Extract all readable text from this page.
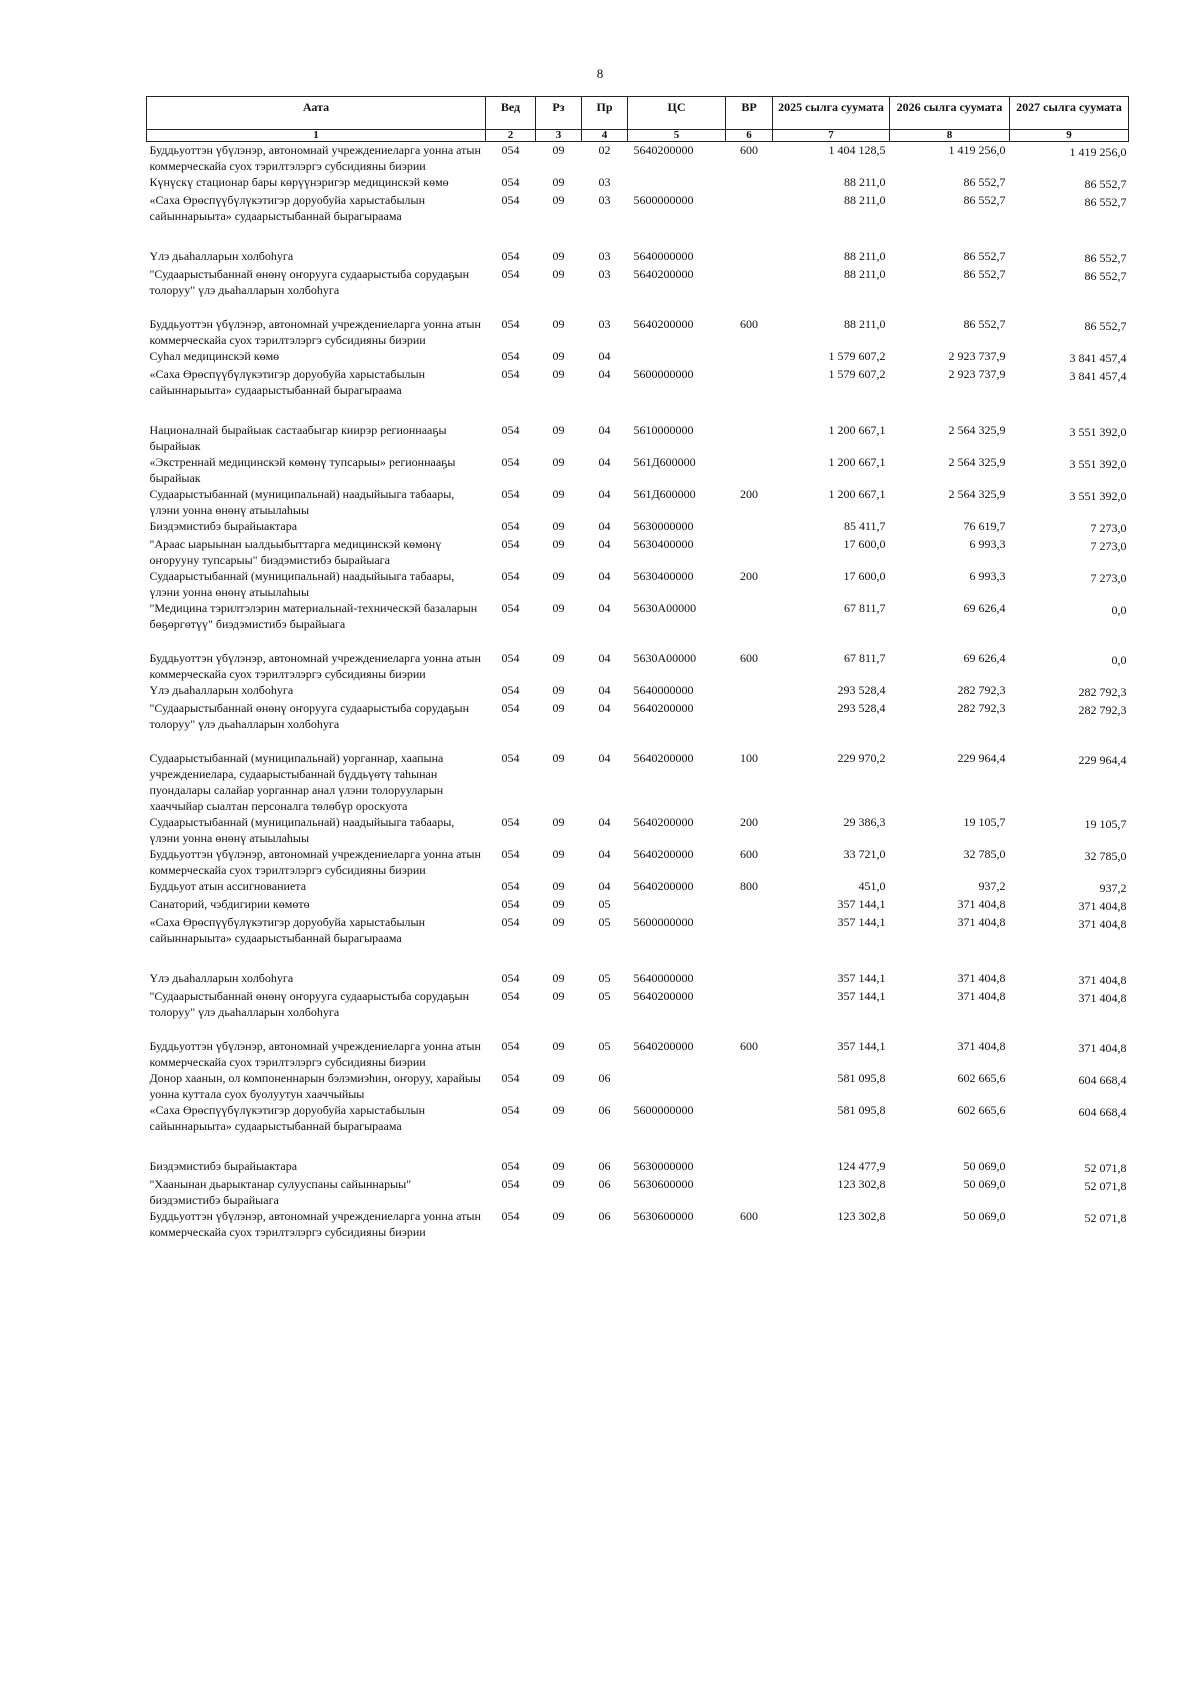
8
Аата	Вед	Рз	Пр	ЦС	ВР	2025 сылга суумата	2026 сылга суумата	2027 сылга суумата
1	2	3	4	5	6	7	8	9
Буддьуоттэн үбүлэнэр, автономнай учреждениеларга уонна атын коммерческайа суох тэрилтэлэргэ субсидияны биэрии	054	09	02	5640200000	600	1 404 128,5	1 419 256,0	1 419 256,0
Күнүскү стационар бары көрүүнэригэр медицинскэй көмө	054	09	03			88 211,0	86 552,7	86 552,7
«Саха Өрөспүүбүлүкэтигэр доруобуйа харыстабылын сайыннарыыта» судаарыстыбаннай бырагыраама	054	09	03	5600000000		88 211,0	86 552,7	86 552,7
Үлэ дьаһалларын холбоһуга	054	09	03	5640000000		88 211,0	86 552,7	86 552,7
"Судаарыстыбаннай өнөнү оҥорууга судаарыстыба сорудаҕын толоруу" үлэ дьаһалларын холбоһуга	054	09	03	5640200000		88 211,0	86 552,7	86 552,7
Буддьуоттэн үбүлэнэр, автономнай учреждениеларга уонна атын коммерческайа суох тэрилтэлэргэ субсидияны биэрии	054	09	03	5640200000	600	88 211,0	86 552,7	86 552,7
Суһал медицинскэй көмө	054	09	04			1 579 607,2	2 923 737,9	3 841 457,4
«Саха Өрөспүүбүлүкэтигэр доруобуйа харыстабылын сайыннарыыта» судаарыстыбаннай бырагыраама	054	09	04	5600000000		1 579 607,2	2 923 737,9	3 841 457,4
Националнай бырайыак састаабыгар киирэр регионнааҕы бырайыак	054	09	04	5610000000		1 200 667,1	2 564 325,9	3 551 392,0
«Экстреннай медицинскэй көмөнү тупсарыы» регионнааҕы бырайыак	054	09	04	561Д600000		1 200 667,1	2 564 325,9	3 551 392,0
Судаарыстыбаннай (муниципальнай) наадыйыыга табаары, үлэни уонна өнөнү атыылаһыы	054	09	04	561Д600000	200	1 200 667,1	2 564 325,9	3 551 392,0
Биэдэмистибэ бырайыактара	054	09	04	5630000000		85 411,7	76 619,7	7 273,0
"Араас ыарыынан ыалдьыбыттарга медицинскэй көмөнү оҥорууну тупсарыы" биэдэмистибэ бырайыага	054	09	04	5630400000		17 600,0	6 993,3	7 273,0
Судаарыстыбаннай (муниципальнай) наадыйыыга табаары, үлэни уонна өнөнү атыылаһыы	054	09	04	5630400000	200	17 600,0	6 993,3	7 273,0
"Медицина тэрилтэлэрин материальнай-техническэй базаларын бөҕөргөтүү" биэдэмистибэ бырайыага	054	09	04	5630А00000		67 811,7	69 626,4	0,0
Буддьуоттэн үбүлэнэр, автономнай учреждениеларга уонна атын коммерческайа суох тэрилтэлэргэ субсидияны биэрии	054	09	04	5630А00000	600	67 811,7	69 626,4	0,0
Үлэ дьаһалларын холбоһуга	054	09	04	5640000000		293 528,4	282 792,3	282 792,3
"Судаарыстыбаннай өнөнү оҥорууга судаарыстыба сорудаҕын толоруу" үлэ дьаһалларын холбоһуга	054	09	04	5640200000		293 528,4	282 792,3	282 792,3
Судаарыстыбаннай (муниципальнай) уорганнар, хаапына учреждениелара, судаарыстыбаннай бүддьүөтү таһынан пуондалары салайар уорганнар анал үлэни толорууларын хааччыйар сыалтан персоналга төлөбүр ороскуота	054	09	04	5640200000	100	229 970,2	229 964,4	229 964,4
Судаарыстыбаннай (муниципальнай) наадыйыыга табаары, үлэни уонна өнөнү атыылаһыы	054	09	04	5640200000	200	29 386,3	19 105,7	19 105,7
Буддьуоттэн үбүлэнэр, автономнай учреждениеларга уонна атын коммерческайа суох тэрилтэлэргэ субсидияны биэрии	054	09	04	5640200000	600	33 721,0	32 785,0	32 785,0
Буддьуот атын ассигнованиета	054	09	04	5640200000	800	451,0	937,2	937,2
Санаторий, чэбдигирии көмөтө	054	09	05			357 144,1	371 404,8	371 404,8
«Саха Өрөспүүбүлүкэтигэр доруобуйа харыстабылын сайыннарыыта» судаарыстыбаннай бырагыраама	054	09	05	5600000000		357 144,1	371 404,8	371 404,8
Үлэ дьаһалларын холбоһуга	054	09	05	5640000000		357 144,1	371 404,8	371 404,8
"Судаарыстыбаннай өнөнү оҥорууга судаарыстыба сорудаҕын толоруу" үлэ дьаһалларын холбоһуга	054	09	05	5640200000		357 144,1	371 404,8	371 404,8
Буддьуоттэн үбүлэнэр, автономнай учреждениеларга уонна атын коммерческайа суох тэрилтэлэргэ субсидияны биэрии	054	09	05	5640200000	600	357 144,1	371 404,8	371 404,8
Донор хаанын, ол компоненнарын бэлэмиэһин, оҥоруу, харайыы уонна куттала суох буолуутун хааччыйыы	054	09	06			581 095,8	602 665,6	604 668,4
«Саха Өрөспүүбүлүкэтигэр доруобуйа харыстабылын сайыннарыыта» судаарыстыбаннай бырагыраама	054	09	06	5600000000		581 095,8	602 665,6	604 668,4
Биэдэмистибэ бырайыактара	054	09	06	5630000000		124 477,9	50 069,0	52 071,8
"Хаанынан дьарыктанар сулууспаны сайыннарыы" биэдэмистибэ бырайыага	054	09	06	5630600000		123 302,8	50 069,0	52 071,8
Буддьуоттэн үбүлэнэр, автономнай учреждениеларга уонна атын коммерческайа суох тэрилтэлэргэ субсидияны биэрии	054	09	06	5630600000	600	123 302,8	50 069,0	52 071,8
